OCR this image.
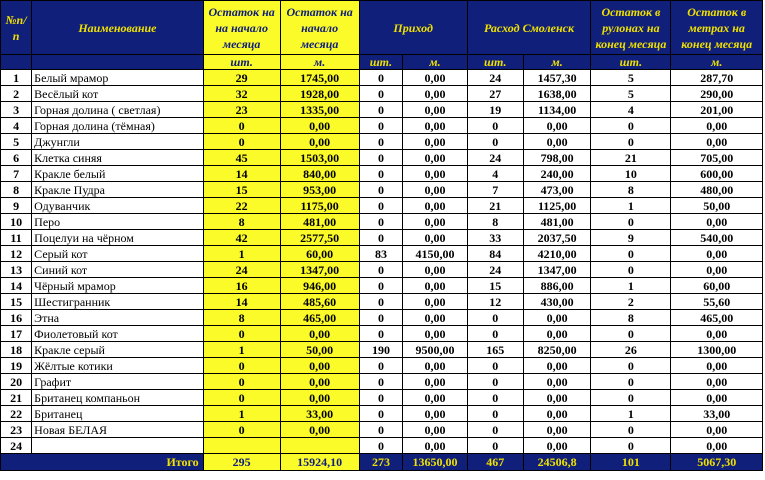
№п/п	Наименование	Остаток на на начало месяца	Остаток на начало месяца	Приход		Расход Смоленск		Остаток в рулонах на конец месяца	Остаток в метрах на конец месяца
		шт.	м.	шт.	м.	шт.	м.	шт.	м.
1	Белый мрамор	29	1745,00	0	0,00	24	1457,30	5	287,70
2	Весёлый кот	32	1928,00	0	0,00	27	1638,00	5	290,00
3	Горная долина ( светлая)	23	1335,00	0	0,00	19	1134,00	4	201,00
4	Горная долина (тёмная)	0	0,00	0	0,00	0	0,00	0	0,00
5	Джунгли	0	0,00	0	0,00	0	0,00	0	0,00
6	Клетка синяя	45	1503,00	0	0,00	24	798,00	21	705,00
7	Кракле белый	14	840,00	0	0,00	4	240,00	10	600,00
8	Кракле Пудра	15	953,00	0	0,00	7	473,00	8	480,00
9	Одуванчик	22	1175,00	0	0,00	21	1125,00	1	50,00
10	Перо	8	481,00	0	0,00	8	481,00	0	0,00
11	Поцелуи на чёрном	42	2577,50	0	0,00	33	2037,50	9	540,00
12	Серый кот	1	60,00	83	4150,00	84	4210,00	0	0,00
13	Синий кот	24	1347,00	0	0,00	24	1347,00	0	0,00
14	Чёрный мрамор	16	946,00	0	0,00	15	886,00	1	60,00
15	Шестигранник	14	485,60	0	0,00	12	430,00	2	55,60
16	Этна	8	465,00	0	0,00	0	0,00	8	465,00
17	Фиолетовый кот	0	0,00	0	0,00	0	0,00	0	0,00
18	Кракле серый	1	50,00	190	9500,00	165	8250,00	26	1300,00
19	Жёлтые котики	0	0,00	0	0,00	0	0,00	0	0,00
20	Графит	0	0,00	0	0,00	0	0,00	0	0,00
21	Британец компаньон	0	0,00	0	0,00	0	0,00	0	0,00
22	Британец	1	33,00	0	0,00	0	0,00	1	33,00
23	Новая БЕЛАЯ	0	0,00	0	0,00	0	0,00	0	0,00
24				0	0,00	0	0,00	0	0,00
Итого		295	15924,10	273	13650,00	467	24506,8	101	5067,30
